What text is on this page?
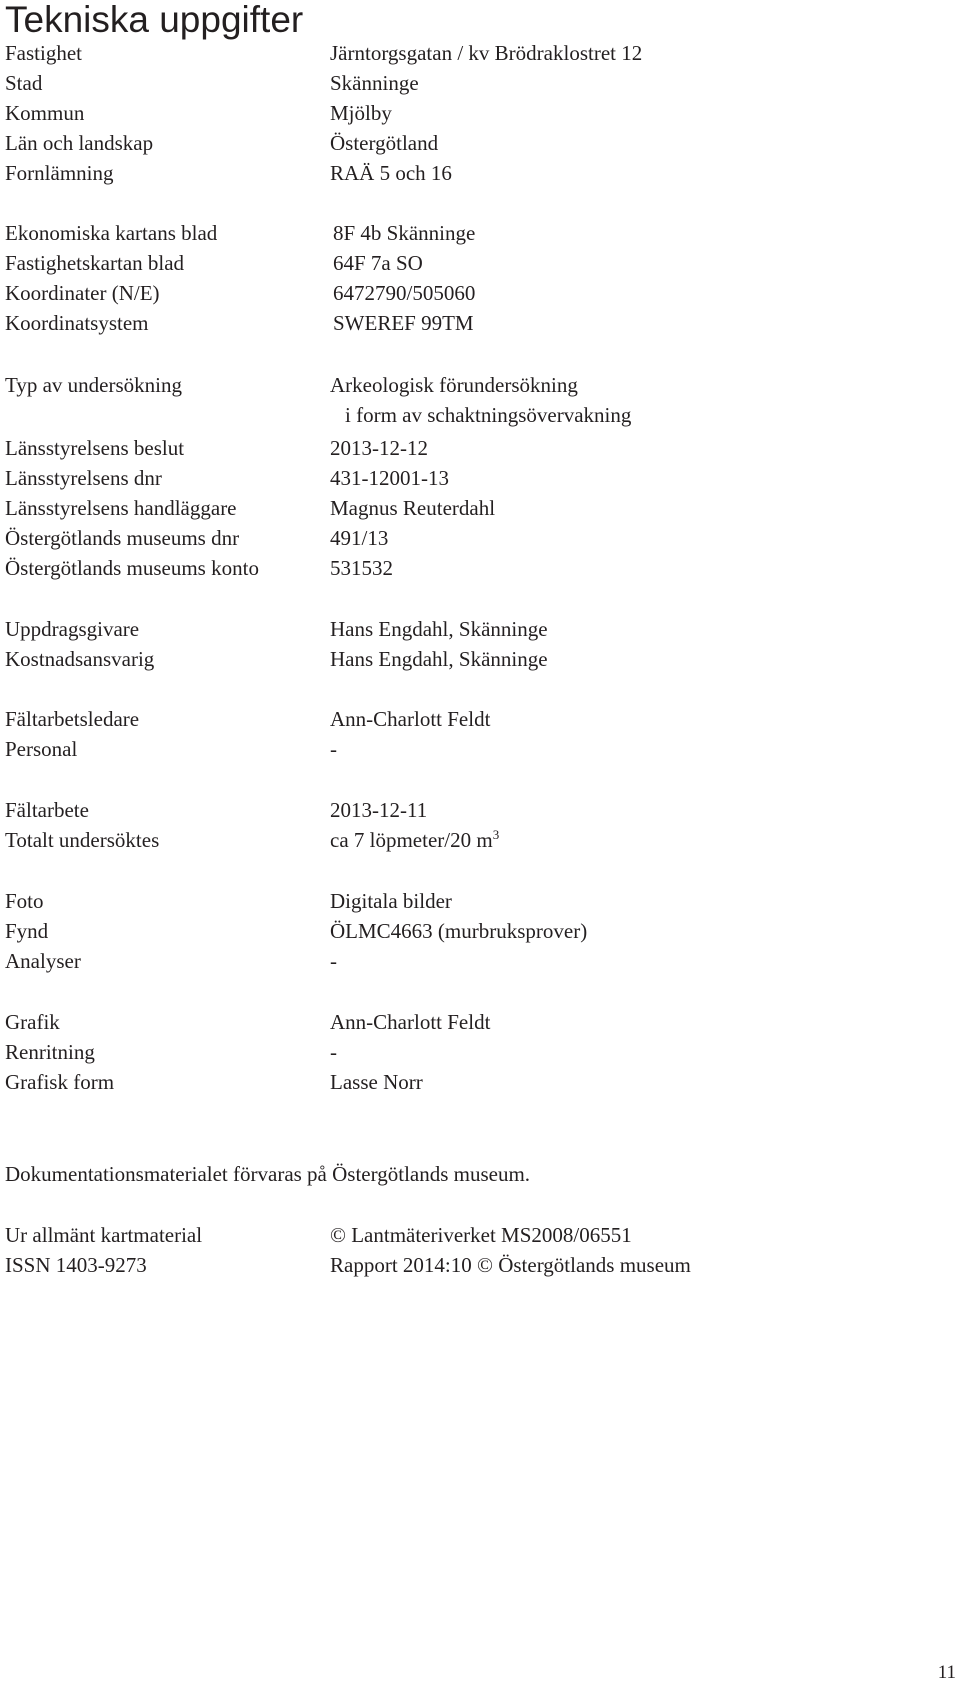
Tekniska uppgifter
Fastighet	Järntorgsgatan / kv Brödraklostret 12
Stad	Skänninge
Kommun	Mjölby
Län och landskap	Östergötland
Fornlämning	RAÄ 5 och 16
Ekonomiska kartans blad	8F 4b Skänninge
Fastighetskartan blad	64F 7a SO
Koordinater (N/E)	6472790/505060
Koordinatsystem	SWEREF 99TM
Typ av undersökning	Arkeologisk förundersökning
i form av schaktningsövervakning
Länsstyrelsens beslut	2013-12-12
Länsstyrelsens dnr	431-12001-13
Länsstyrelsens handläggare	Magnus Reuterdahl
Östergötlands museums dnr	491/13
Östergötlands museums konto	531532
Uppdragsgivare	Hans Engdahl, Skänninge
Kostnadsansvarig	Hans Engdahl, Skänninge
Fältarbetsledare	Ann-Charlott Feldt
Personal	-
Fältarbete	2013-12-11
Totalt undersöktes	ca 7 löpmeter/20 $m^3$
Foto	Digitala bilder
Fynd	ÖLMC4663 (murbruksprover)
Analyser	-
Grafik	Ann-Charlott Feldt
Renritning	-
Grafisk form	Lasse Norr
Dokumentationsmaterialet förvaras på Östergötlands museum.
Ur allmänt kartmaterial	© Lantmäteriverket MS2008/06551
ISSN 1403-9273	Rapport 2014:10 © Östergötlands museum
11
